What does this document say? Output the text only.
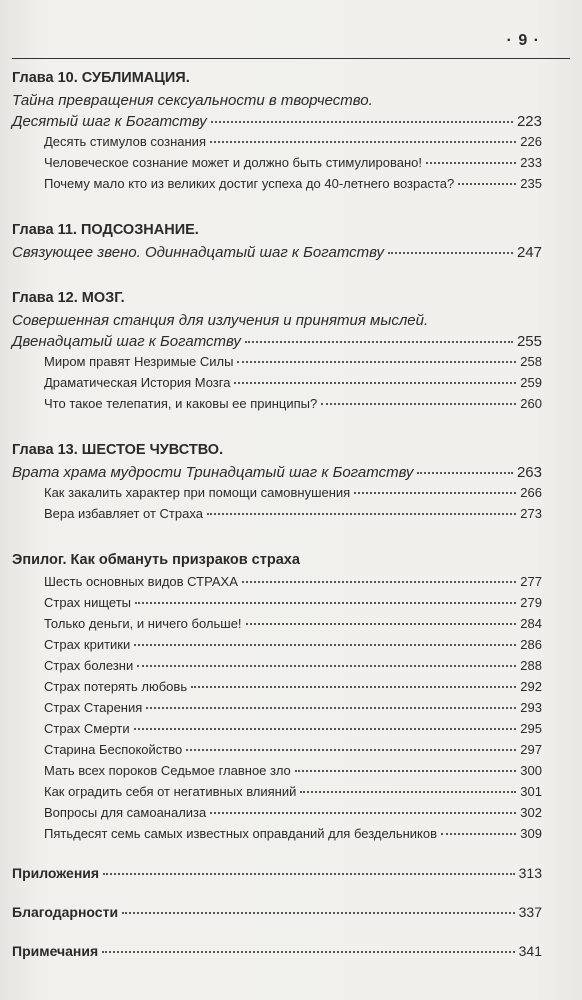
· 9 ·
Глава 10. СУБЛИМАЦИЯ.
Тайна превращения сексуальности в творчество.
Десятый шаг к Богатству	223
Десять стимулов сознания	226
Человеческое сознание может и должно быть стимулировано!	233
Почему мало кто из великих достиг успеха до 40-летнего возраста?	235
Глава 11. ПОДСОЗНАНИЕ.
Связующее звено. Одиннадцатый шаг к Богатству	247
Глава 12. МОЗГ.
Совершенная станция для излучения и принятия мыслей.
Двенадцатый шаг к Богатству	255
Миром правят Незримые Силы	258
Драматическая История Мозга	259
Что такое телепатия, и каковы ее принципы?	260
Глава 13. ШЕСТОЕ ЧУВСТВО.
Врата храма мудрости Тринадцатый шаг к Богатству	263
Как закалить характер при помощи самовнушения	266
Вера избавляет от Страха	273
Эпилог. Как обмануть призраков страха
Шесть основных видов СТРАХА	277
Страх нищеты	279
Только деньги, и ничего больше!	284
Страх критики	286
Страх болезни	288
Страх потерять любовь	292
Страх Старения	293
Страх Смерти	295
Старина Беспокойство	297
Мать всех пороков Седьмое главное зло	300
Как оградить себя от негативных влияний	301
Вопросы для самоанализа	302
Пятьдесят семь самых известных оправданий для бездельников	309
Приложения	313
Благодарности	337
Примечания	341
